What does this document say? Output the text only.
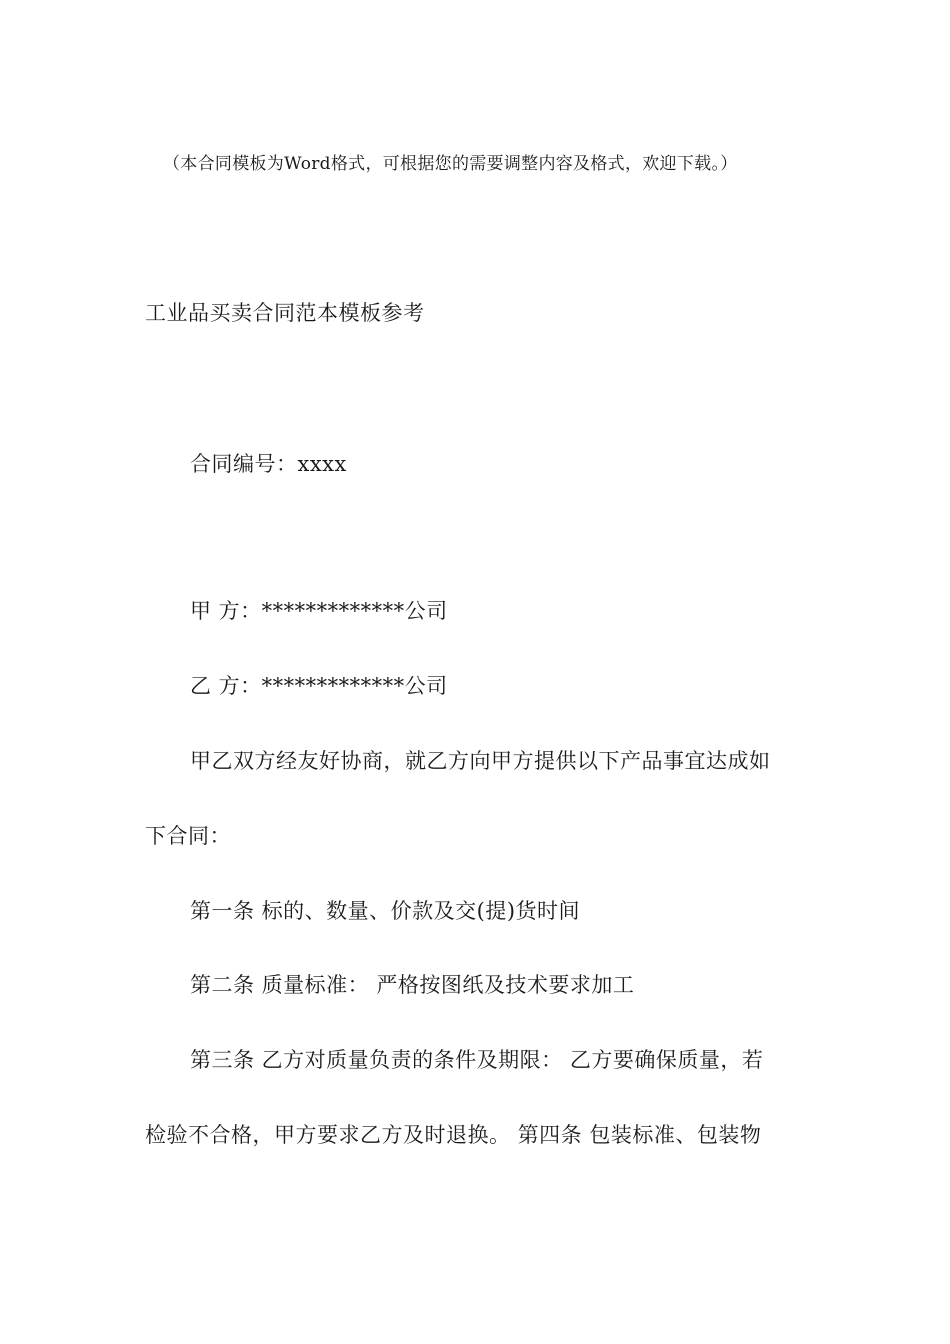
（本合同模板为Word格式，可根据您的需要调整内容及格式，欢迎下载。）
工业品买卖合同范本模板参考
合同编号：xxxx
甲 方：*************公司
乙 方：*************公司
甲乙双方经友好协商，就乙方向甲方提供以下产品事宜达成如
下合同：
第一条 标的、数量、价款及交(提)货时间
第二条 质量标准： 严格按图纸及技术要求加工
第三条 乙方对质量负责的条件及期限： 乙方要确保质量，若
检验不合格，甲方要求乙方及时退换。 第四条 包装标准、包装物
